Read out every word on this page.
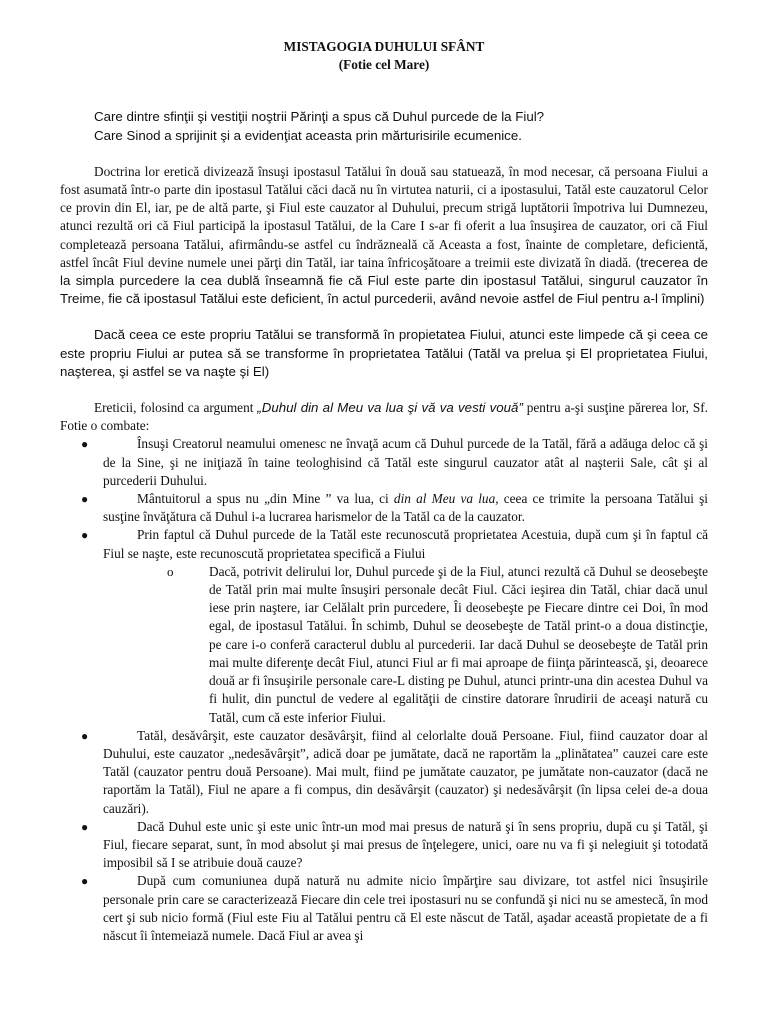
MISTAGOGIA DUHULUI SFÂNT

(Fotie cel Mare)

Care dintre sfinţii şi vestiţii noştrii Părinţi a spus că Duhul purcede de la Fiul?

Care Sinod a sprijinit şi a evidenţiat aceasta prin mărturisirile ecumenice.

Doctrina lor eretică divizează însuşi ipostasul Tatălui în două sau statuează, în mod necesar, că persoana Fiului a fost asumată într-o parte din ipostasul Tatălui căci dacă nu în virtutea naturii, ci a ipostasului, Tatăl este cauzatorul Celor ce provin din El, iar, pe de altă parte, şi Fiul este cauzator al Duhului, precum strigă luptătorii împotriva lui Dumnezeu, atunci rezultă ori că Fiul participă la ipostasul Tatălui, de la Care I s-ar fi oferit a lua însuşirea de cauzator, ori că Fiul completează persoana Tatălui, afirmându-se astfel cu îndrăzneală că Aceasta a fost, înainte de completare, deficientă, astfel încât Fiul devine numele unei părţi din Tatăl, iar taina înfricoşătoare a treimii este divizată în diadă. (trecerea de la simpla purcedere la cea dublă înseamnă fie că Fiul este parte din ipostasul Tatălui, singurul cauzator în Treime, fie că ipostasul Tatălui este deficient, în actul purcederii, având nevoie astfel de Fiul pentru a-l împlini)

Dacă ceea ce este propriu Tatălui se transformă în propietatea Fiului, atunci este limpede că şi ceea ce este propriu Fiului ar putea să se transforme în proprietatea Tatălui (Tatăl va prelua şi El proprietatea Fiului, naşterea, şi astfel se va naşte şi El)

Ereticii, folosind ca argument „Duhul din al Meu va lua şi vă va vesti vouă” pentru a-şi susţine părerea lor, Sf. Fotie o combate:

●	Însuşi Creatorul neamului omenesc ne învaţă acum că Duhul purcede de la Tatăl, fără a adăuga deloc că şi de la Sine, şi ne iniţiază în taine teologhisind că Tatăl este singurul cauzator atât al naşterii Sale, cât şi al purcederii Duhului.
●	Mântuitorul a spus nu „din Mine ” va lua, ci din al Meu va lua, ceea ce trimite la persoana Tatălui şi susţine învăţătura că Duhul i-a lucrarea harismelor de la Tatăl ca de la cauzator.
●	Prin faptul că Duhul purcede de la Tatăl este recunoscută proprietatea Acestuia, după cum şi în faptul că Fiul se naşte, este recunoscută proprietatea specifică a Fiului
o	Dacă, potrivit delirului lor, Duhul purcede şi de la Fiul, atunci rezultă că Duhul se deosebeşte de Tatăl prin mai multe însuşiri personale decât Fiul. Căci ieşirea din Tatăl, chiar dacă unul iese prin naştere, iar Celălalt prin purcedere, Îi deosebeşte pe Fiecare dintre cei Doi, în mod egal, de ipostasul Tatălui. În schimb, Duhul se deosebeşte de Tatăl print-o a doua distincţie, pe care i-o conferă caracterul dublu al purcederii. Iar dacă Duhul se deosebeşte de Tatăl prin mai multe diferenţe decât Fiul, atunci Fiul ar fi mai aproape de fiinţa părintească, şi, deoarece două ar fi însuşirile personale care-L disting pe Duhul, atunci printr-una din acestea Duhul va fi hulit, din punctul de vedere al egalităţii de cinstire datorare înrudirii de aceaşi natură cu Tatăl, cum că este inferior Fiului.
●	Tatăl, desăvârşit, este cauzator desăvârşit, fiind al celorlalte două Persoane. Fiul, fiind cauzator doar al Duhului, este cauzator „nedesăvârşit”, adică doar pe jumătate, dacă ne raportăm la „plinătatea” cauzei care este Tatăl (cauzator pentru două Persoane). Mai mult, fiind pe jumătate cauzator, pe jumătate non-cauzator (dacă ne raportăm la Tatăl), Fiul ne apare a fi compus, din desăvârşit (cauzator) şi nedesăvârşit (în lipsa celei de-a doua cauzări).
●	Dacă Duhul este unic şi este unic într-un mod mai presus de natură şi în sens propriu, după cu şi Tatăl, şi Fiul, fiecare separat, sunt, în mod absolut şi mai presus de înţelegere, unici, oare nu va fi şi nelegiuit şi totodată imposibil să I se atribuie două cauze?
●	După cum comuniunea după natură nu admite nicio împărţire sau divizare, tot astfel nici însuşirile personale prin care se caracterizează Fiecare din cele trei ipostasuri nu se confundă şi nici nu se amestecă, în mod cert şi sub nicio formă (Fiul este Fiu al Tatălui pentru că El este născut de Tatăl, aşadar această propietate de a fi născut îi întemeiază numele. Dacă Fiul ar avea şi
